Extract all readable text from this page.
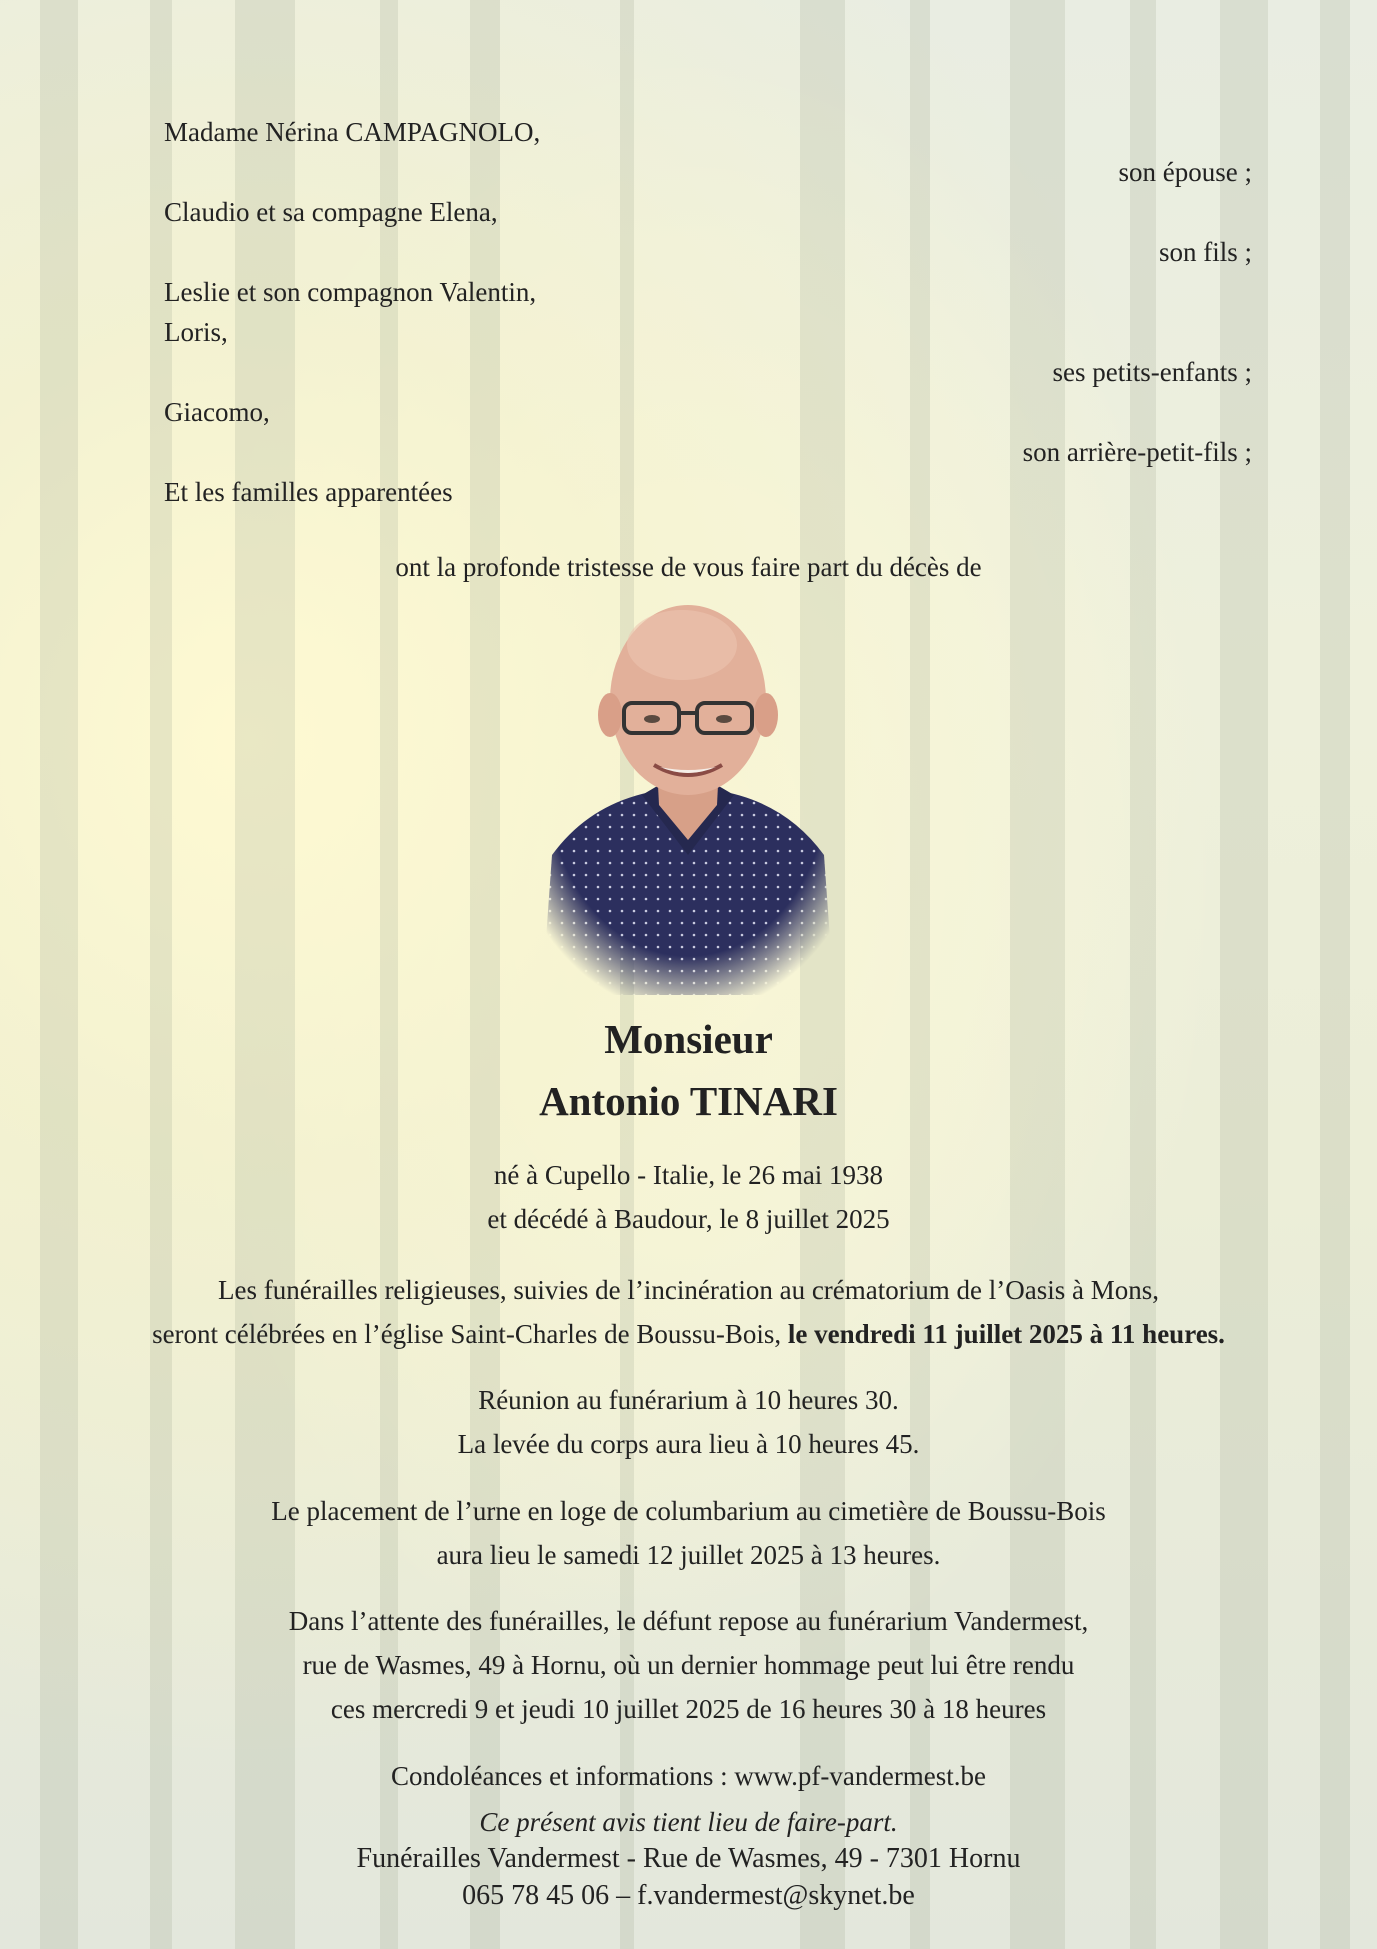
Madame Nérina CAMPAGNOLO,
Claudio et sa compagne Elena,
Leslie et son compagnon Valentin,
Loris,
Giacomo,
Et les familles apparentées
son épouse ;
son fils ;
ses petits-enfants ;
son arrière-petit-fils ;
ont la profonde tristesse de vous faire part du décès de
Monsieur
Antonio TINARI
né à Cupello - Italie, le 26 mai 1938
et décédé à Baudour, le 8 juillet 2025
Les funérailles religieuses, suivies de l’incinération au crématorium de l’Oasis à Mons,
seront célébrées en l’église Saint-Charles de Boussu-Bois, le vendredi 11 juillet 2025 à 11 heures.
Réunion au funérarium à 10 heures 30.
La levée du corps aura lieu à 10 heures 45.
Le placement de l’urne en loge de columbarium au cimetière de Boussu-Bois
aura lieu le samedi 12 juillet 2025 à 13 heures.
Dans l’attente des funérailles, le défunt repose au funérarium Vandermest,
rue de Wasmes, 49 à Hornu, où un dernier hommage peut lui être rendu
ces mercredi 9 et jeudi 10 juillet 2025 de 16 heures 30 à 18 heures
Condoléances et informations : www.pf-vandermest.be
Ce présent avis tient lieu de faire-part.
Funérailles Vandermest - Rue de Wasmes, 49 - 7301 Hornu
065 78 45 06 – f.vandermest@skynet.be
